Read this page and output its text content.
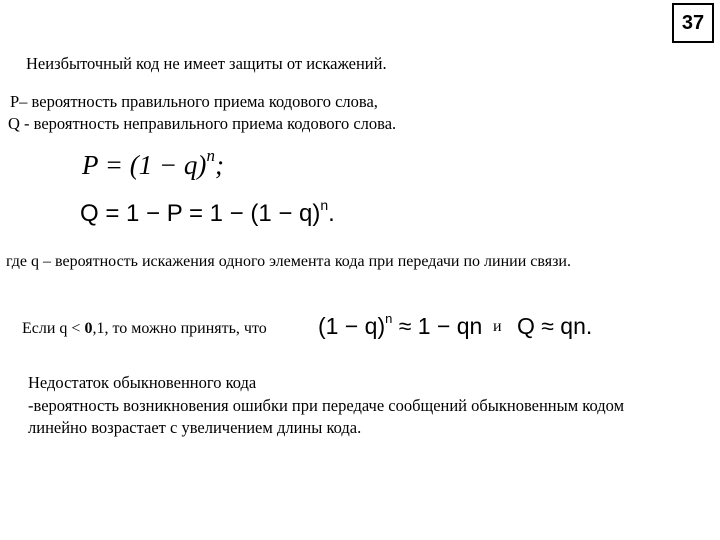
37
Неизбыточный код не имеет защиты от искажений.
P– вероятность правильного приема кодового слова,
Q - вероятность неправильного приема кодового слова.
$P = (1 - q)^n$;
$Q = 1 - P = 1 - (1 - q)^n$.
где q – вероятность искажения одного элемента кода при передачи по линии связи.
Если q < 0,1, то можно принять, что $(1 - q)^n \approx 1$ − qn и Q ≈ qn.
Недостаток обыкновенного кода
-вероятность возникновения ошибки при передаче сообщений обыкновенным кодом
линейно возрастает с увеличением длины кода.
